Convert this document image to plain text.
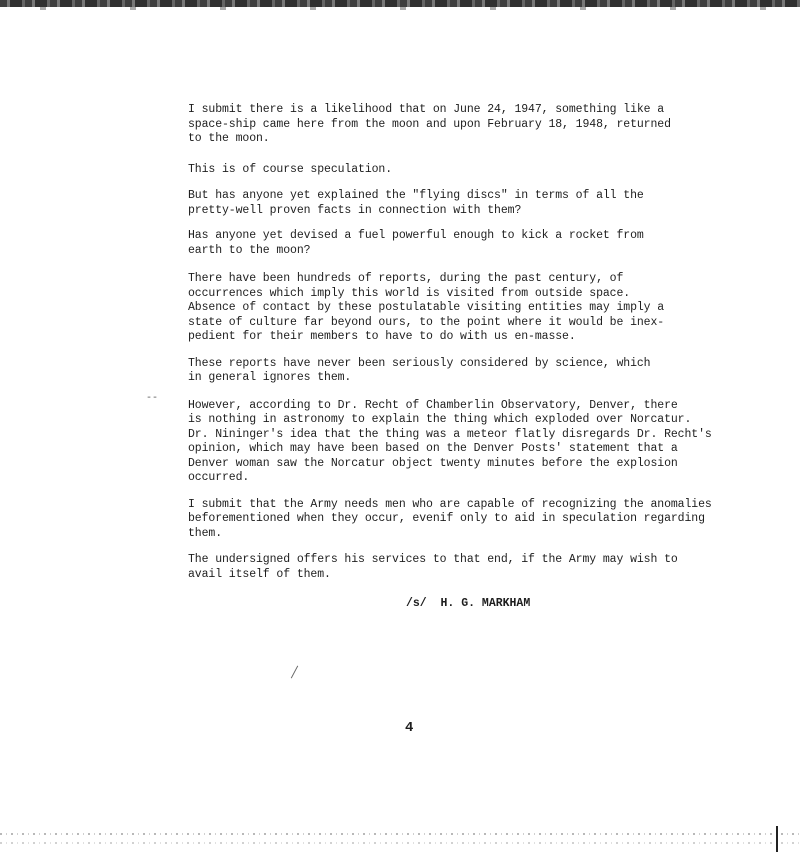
I submit there is a likelihood that on June 24, 1947, something like a
space-ship came here from the moon and upon February 18, 1948, returned
to the moon.

This is of course speculation.

But has anyone yet explained the "flying discs" in terms of all the
pretty-well proven facts in connection with them?

Has anyone yet devised a fuel powerful enough to kick a rocket from
earth to the moon?

There have been hundreds of reports, during the past century, of
occurrences which imply this world is visited from outside space.
Absence of contact by these postulatable visiting entities may imply a
state of culture far beyond ours, to the point where it would be inex-
pedient for their members to have to do with us en-masse.

These reports have never been seriously considered by science, which
in general ignores them.

However, according to Dr. Recht of Chamberlin Observatory, Denver, there
is nothing in astronomy to explain the thing which exploded over Norcatur.
Dr. Nininger's idea that the thing was a meteor flatly disregards Dr. Recht's
opinion, which may have been based on the Denver Posts' statement that a
Denver woman saw the Norcatur object twenty minutes before the explosion
occurred.

I submit that the Army needs men who are capable of recognizing the anomalies
beforementioned when they occur, evenif only to aid in speculation regarding
them.

The undersigned offers his services to that end, if the Army may wish to
avail itself of them.

/s/  H. G. MARKHAM
--
4
